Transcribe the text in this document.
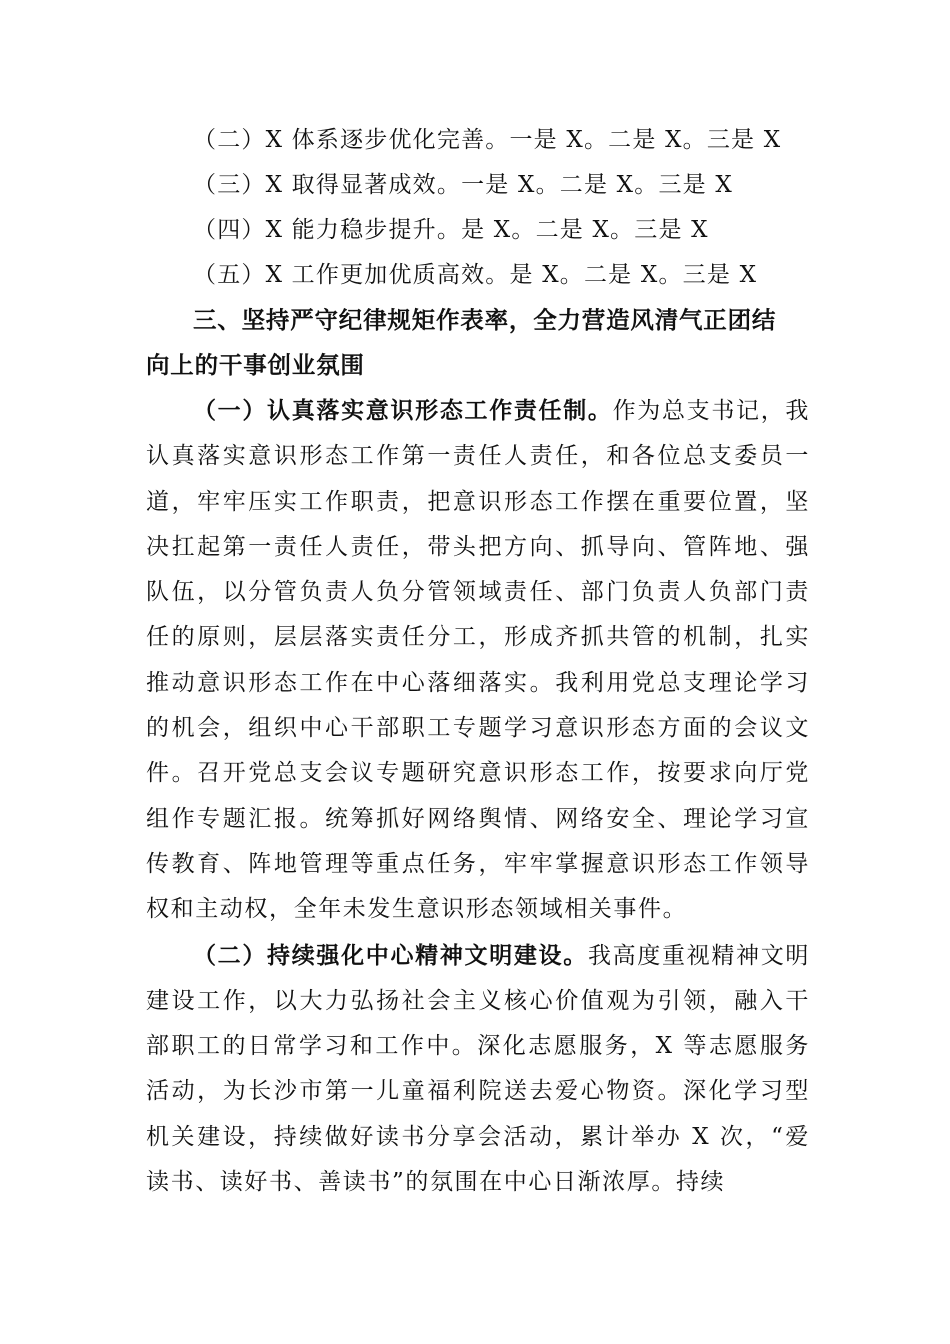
（二）X 体系逐步优化完善。一是 X。二是 X。三是 X
（三）X 取得显著成效。一是 X。二是 X。三是 X
（四）X 能力稳步提升。是 X。二是 X。三是 X
（五）X 工作更加优质高效。是 X。二是 X。三是 X
三、坚持严守纪律规矩作表率，全力营造风清气正团结
向上的干事创业氛围

（一）认真落实意识形态工作责任制。作为总支书记，我认真落实意识形态工作第一责任人责任，和各位总支委员一道，牢牢压实工作职责，把意识形态工作摆在重要位置，坚决扛起第一责任人责任，带头把方向、抓导向、管阵地、强队伍，以分管负责人负分管领域责任、部门负责人负部门责任的原则，层层落实责任分工，形成齐抓共管的机制，扎实推动意识形态工作在中心落细落实。我利用党总支理论学习的机会，组织中心干部职工专题学习意识形态方面的会议文件。召开党总支会议专题研究意识形态工作，按要求向厅党组作专题汇报。统筹抓好网络舆情、网络安全、理论学习宣传教育、阵地管理等重点任务，牢牢掌握意识形态工作领导权和主动权，全年未发生意识形态领域相关事件。

（二）持续强化中心精神文明建设。我高度重视精神文明建设工作，以大力弘扬社会主义核心价值观为引领，融入干部职工的日常学习和工作中。深化志愿服务，X 等志愿服务活动，为长沙市第一儿童福利院送去爱心物资。深化学习型机关建设，持续做好读书分享会活动，累计举办 X 次，“爱读书、读好书、善读书”的氛围在中心日渐浓厚。持续
